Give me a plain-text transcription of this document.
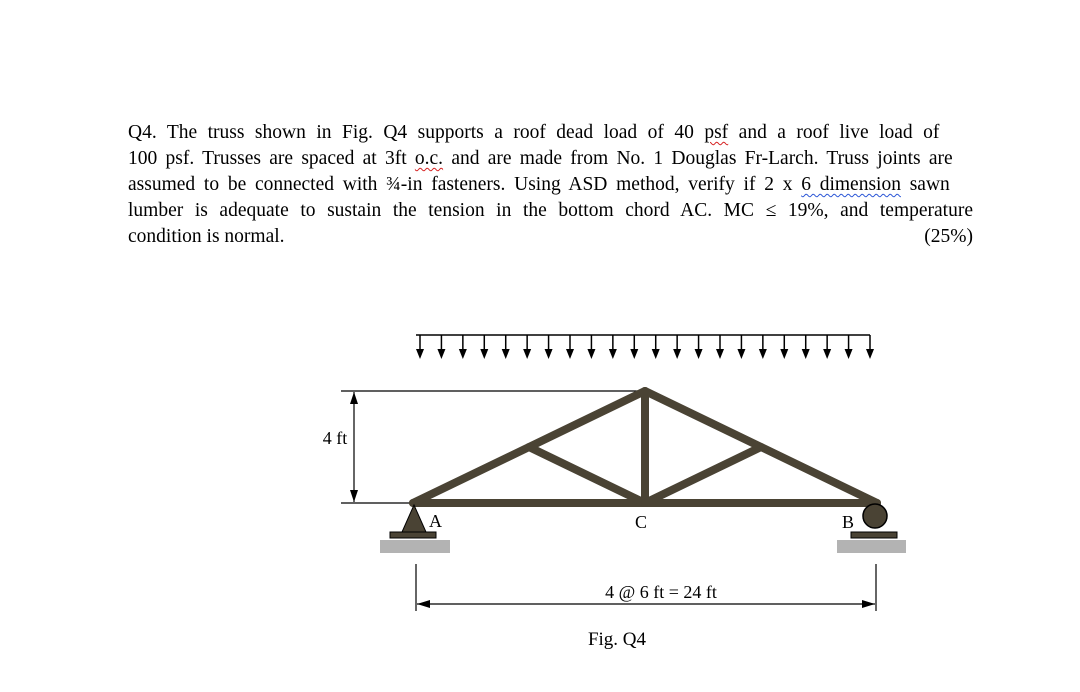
Q4. The truss shown in Fig. Q4 supports a roof dead load of 40 psf and a roof live load of
100 psf. Trusses are spaced at 3ft o.c. and are made from No. 1 Douglas Fr-Larch. Truss joints are
assumed to be connected with ¾-in fasteners. Using ASD method, verify if 2 x 6 dimension sawn
lumber is adequate to sustain the tension in the bottom chord AC. MC ≤ 19%, and temperature
condition is normal.	(25%)
4 ft
A	C	B
4 @ 6 ft = 24 ft
Fig. Q4
